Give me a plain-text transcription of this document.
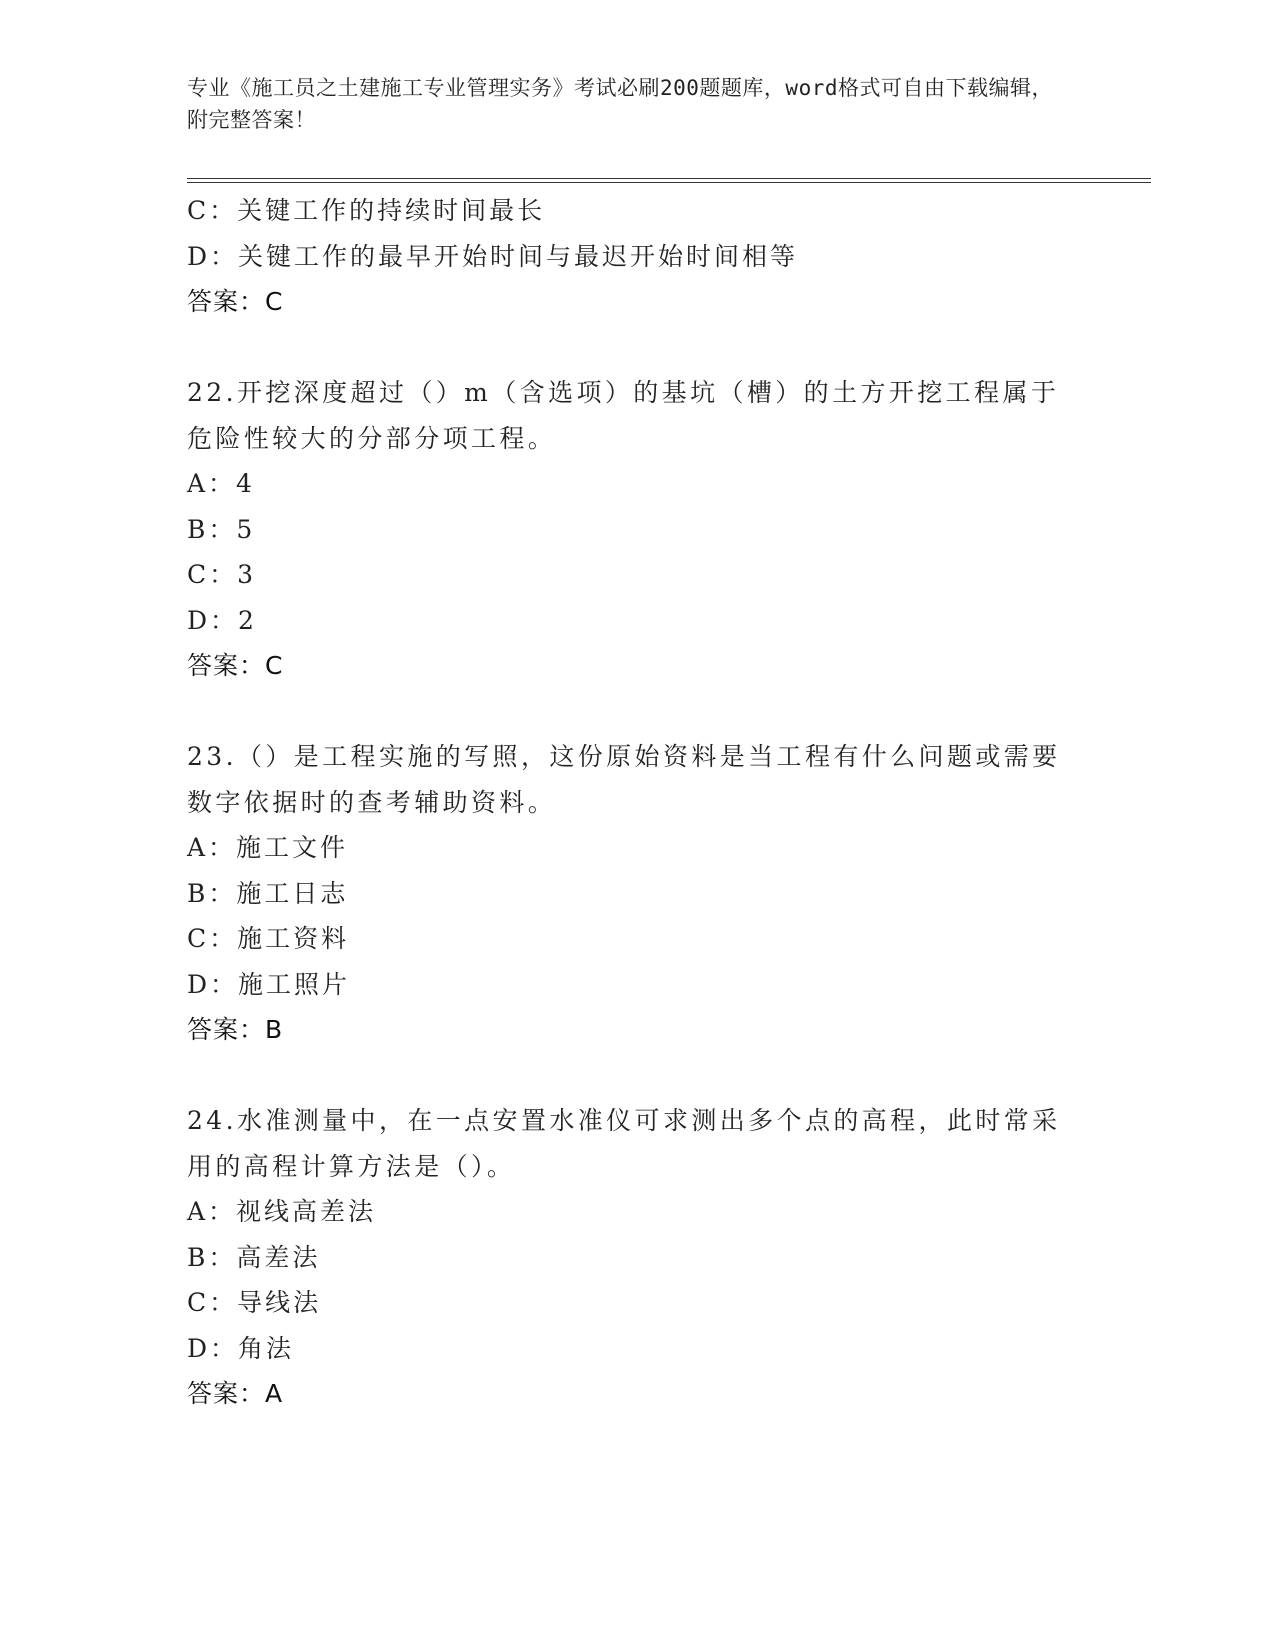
专业《施工员之土建施工专业管理实务》考试必刷200题题库，word格式可自由下载编辑，附完整答案！
C：关键工作的持续时间最长
D：关键工作的最早开始时间与最迟开始时间相等
答案：C
22.开挖深度超过（）m（含选项）的基坑（槽）的土方开挖工程属于危险性较大的分部分项工程。
A：4
B：5
C：3
D：2
答案：C
23.（）是工程实施的写照，这份原始资料是当工程有什么问题或需要数字依据时的查考辅助资料。
A：施工文件
B：施工日志
C：施工资料
D：施工照片
答案：B
24.水准测量中，在一点安置水准仪可求测出多个点的高程，此时常采用的高程计算方法是（）。
A：视线高差法
B：高差法
C：导线法
D：角法
答案：A
